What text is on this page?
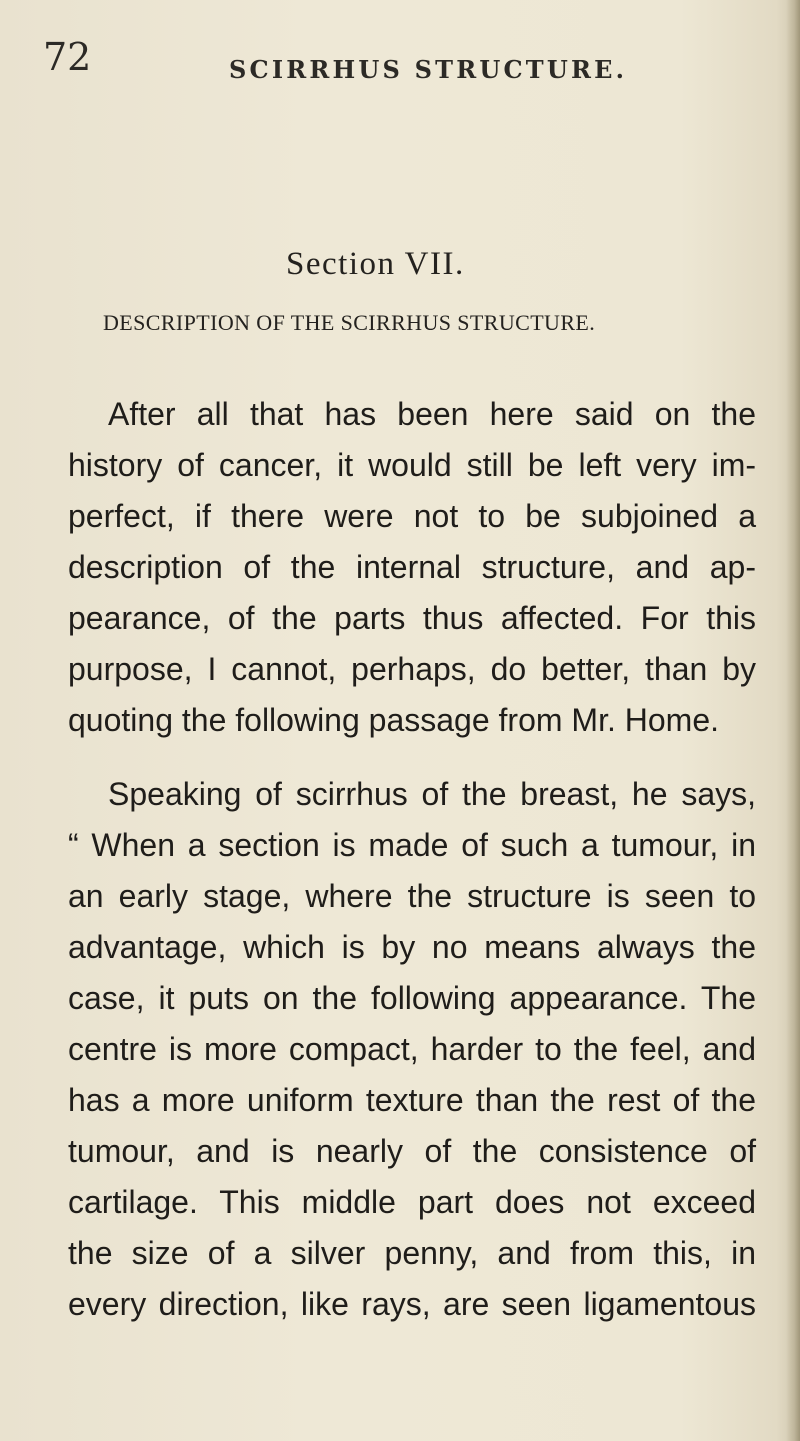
72	SCIRRHUS STRUCTURE.
Section VII.
DESCRIPTION OF THE SCIRRHUS STRUCTURE.
After all that has been here said on the
history of cancer, it would still be left very im-
perfect, if there were not to be subjoined a
description of the internal structure, and ap-
pearance, of the parts thus affected. For this
purpose, I cannot, perhaps, do better, than by
quoting the following passage from Mr. Home.
Speaking of scirrhus of the breast, he says,
“ When a section is made of such a tumour, in
an early stage, where the structure is seen to
advantage, which is by no means always the
case, it puts on the following appearance. The
centre is more compact, harder to the feel, and
has a more uniform texture than the rest of the
tumour, and is nearly of the consistence of
cartilage. This middle part does not exceed
the size of a silver penny, and from this, in
every direction, like rays, are seen ligamentous
